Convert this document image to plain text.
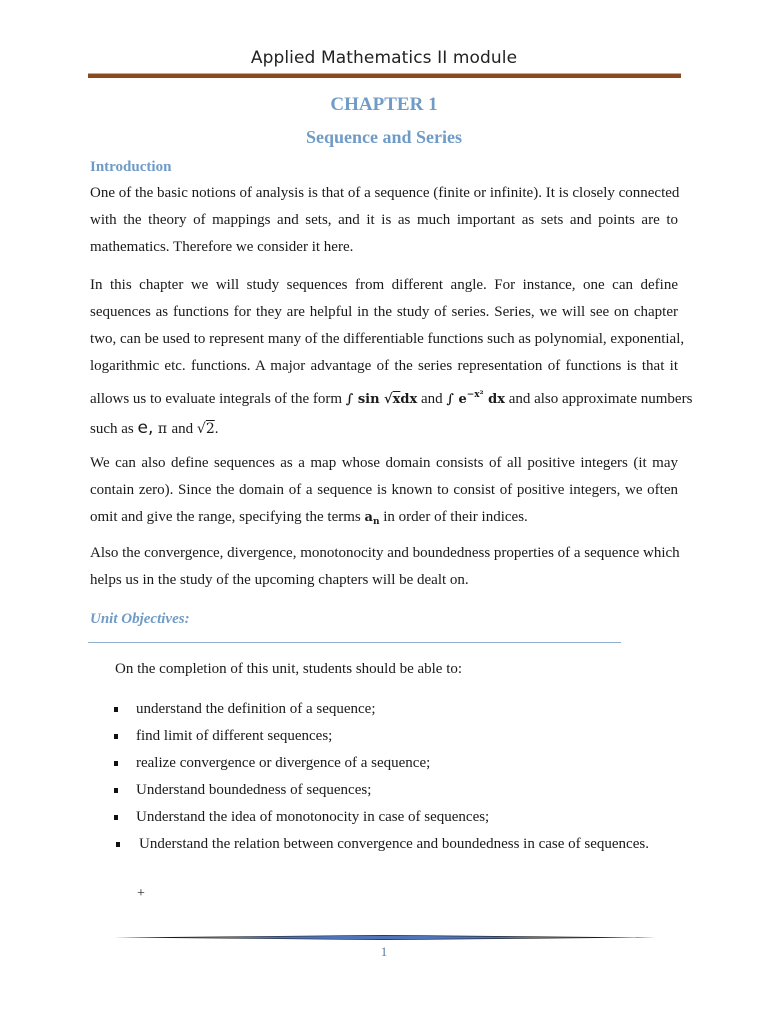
Applied Mathematics II module
CHAPTER 1
Sequence and Series
Introduction
One of the basic notions of analysis is that of a sequence (finite or infinite). It is closely connected
with the theory of mappings and sets, and it is as much important as sets and points are to
mathematics. Therefore we consider it here.
In this chapter we will study sequences from different angle. For instance, one can define
sequences as functions for they are helpful in the study of series. Series, we will see on chapter
two, can be used to represent many of the differentiable functions such as polynomial, exponential,
logarithmic etc. functions. A major advantage of the series representation of functions is that it
allows us to evaluate integrals of the form ∫ sin √xdx and ∫ $e^{-x^2}$ dx and also approximate numbers
such as e, π and √2.
We can also define sequences as a map whose domain consists of all positive integers (it may
contain zero). Since the domain of a sequence is known to consist of positive integers, we often
omit and give the range, specifying the terms $a_n$ in order of their indices.
Also the convergence, divergence, monotonocity and boundedness properties of a sequence which
helps us in the study of the upcoming chapters will be dealt on.
Unit Objectives:
On the completion of this unit, students should be able to:
understand the definition of a sequence;
find limit of different sequences;
realize convergence or divergence of a sequence;
Understand boundedness of sequences;
Understand the idea of monotonocity in case of sequences;
Understand the relation between convergence and boundedness in case of sequences.
+
1
